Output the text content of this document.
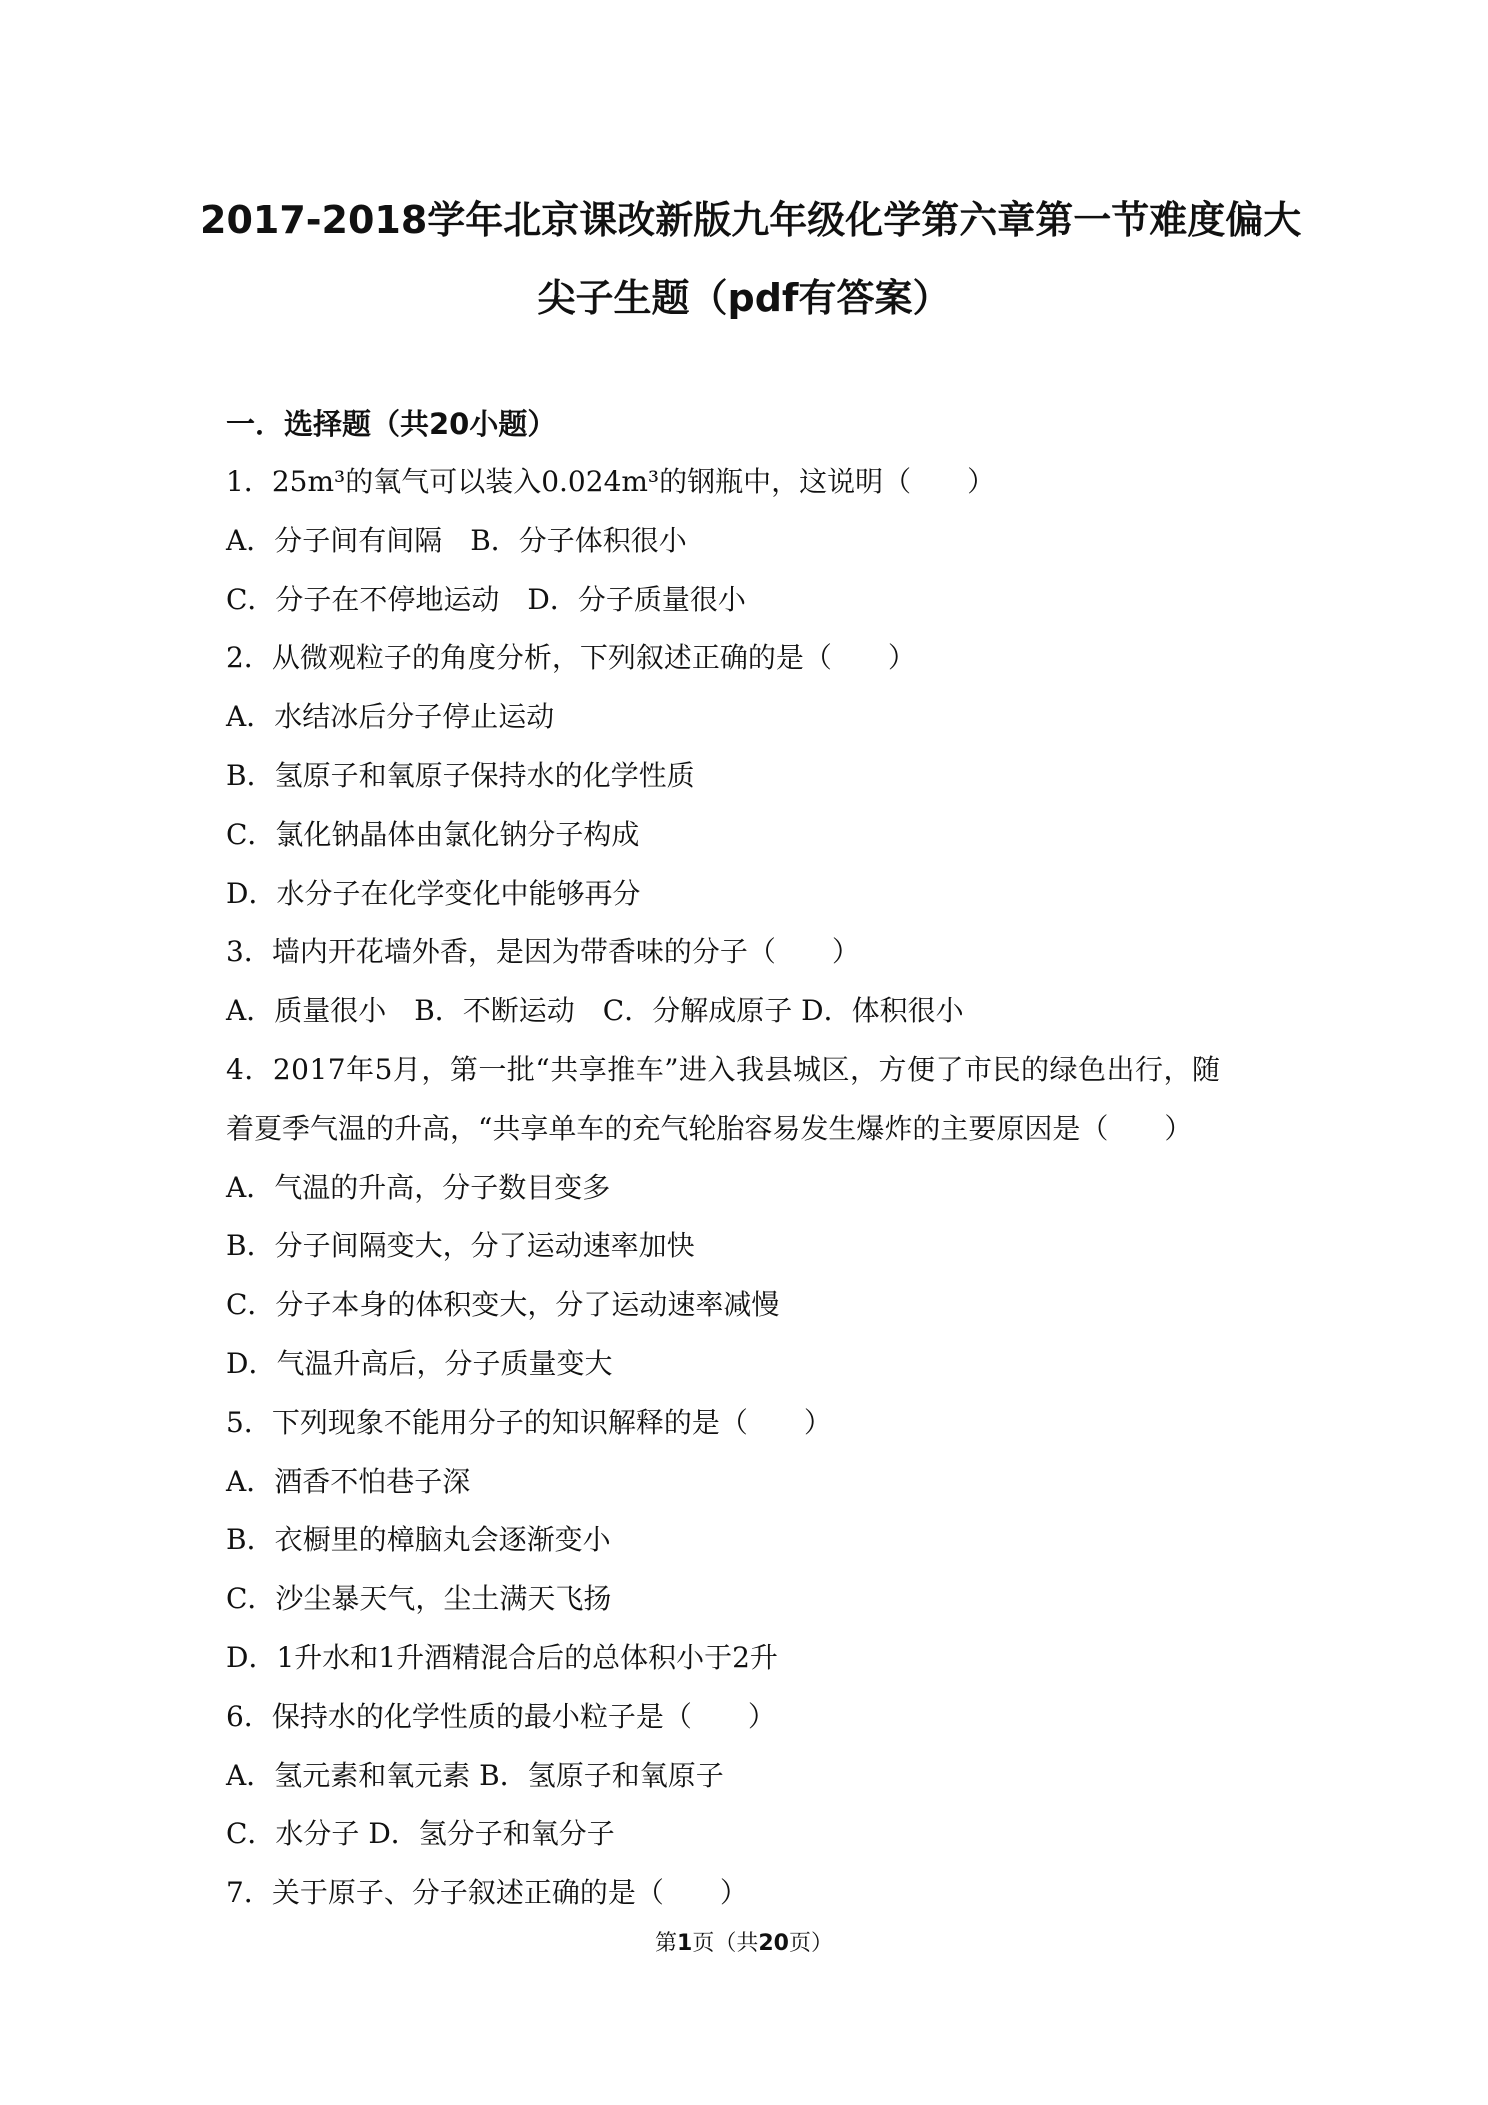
2017-2018学年北京课改新版九年级化学第六章第一节难度偏大
尖子生题（pdf有答案）
一．选择题（共20小题）
1．25m³的氧气可以装入0.024m³的钢瓶中，这说明（　　）
A．分子间有间隔　B．分子体积很小
C．分子在不停地运动　D．分子质量很小
2．从微观粒子的角度分析，下列叙述正确的是（　　）
A．水结冰后分子停止运动
B．氢原子和氧原子保持水的化学性质
C．氯化钠晶体由氯化钠分子构成
D．水分子在化学变化中能够再分
3．墙内开花墙外香，是因为带香味的分子（　　）
A．质量很小　B．不断运动　C．分解成原子 D．体积很小
4．2017年5月，第一批“共享推车”进入我县城区，方便了市民的绿色出行，随
着夏季气温的升高，“共享单车的充气轮胎容易发生爆炸的主要原因是（　　）
A．气温的升高，分子数目变多
B．分子间隔变大，分了运动速率加快
C．分子本身的体积变大，分了运动速率减慢
D．气温升高后，分子质量变大
5．下列现象不能用分子的知识解释的是（　　）
A．酒香不怕巷子深
B．衣橱里的樟脑丸会逐渐变小
C．沙尘暴天气，尘土满天飞扬
D．1升水和1升酒精混合后的总体积小于2升
6．保持水的化学性质的最小粒子是（　　）
A．氢元素和氧元素 B．氢原子和氧原子
C．水分子 D．氢分子和氧分子
7．关于原子、分子叙述正确的是（　　）
第1页（共20页）
